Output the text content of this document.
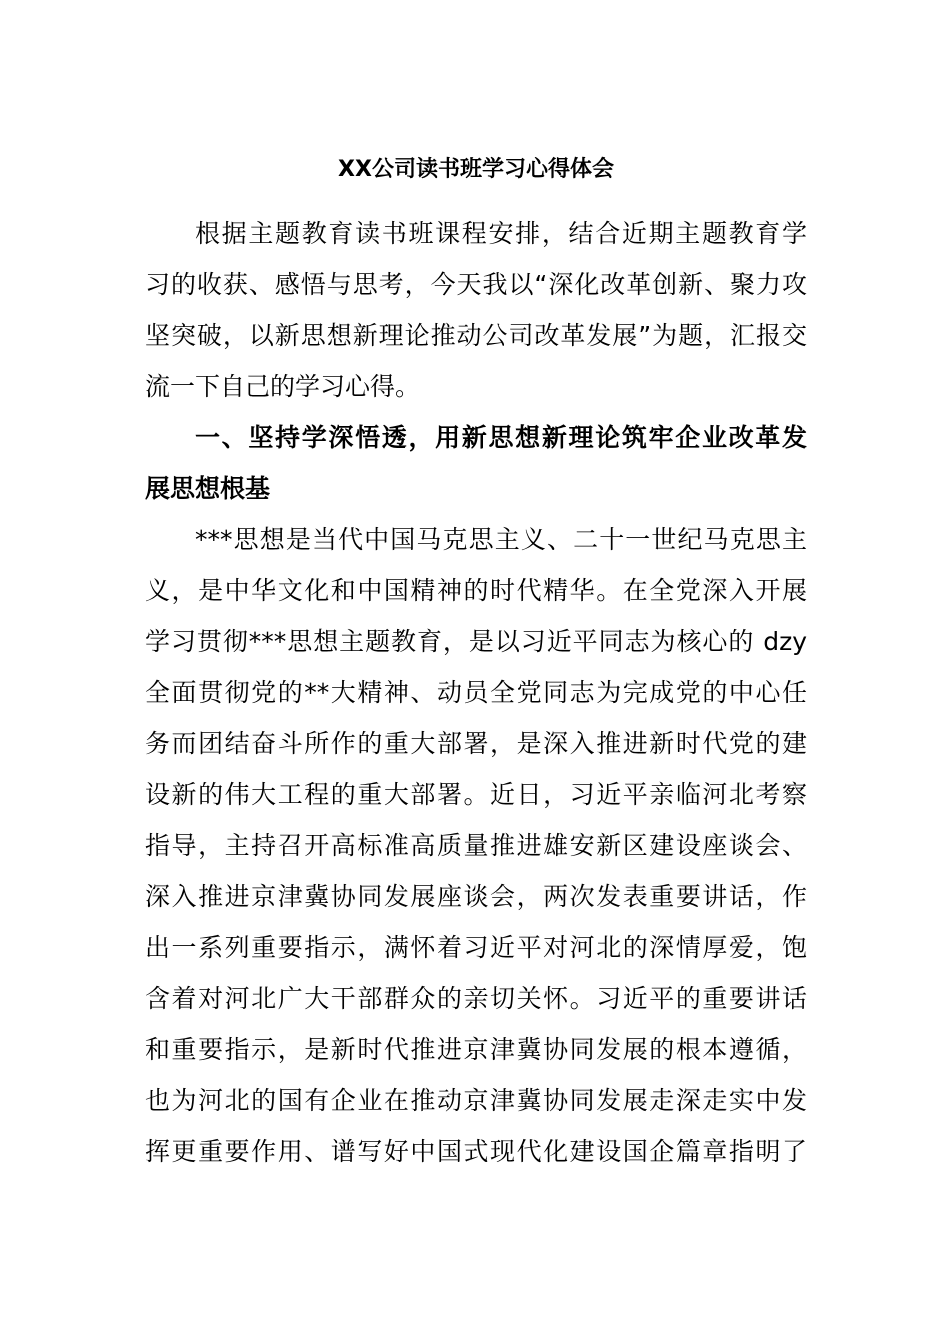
XX公司读书班学习心得体会
根据主题教育读书班课程安排，结合近期主题教育学
习的收获、感悟与思考，今天我以“深化改革创新、聚力攻
坚突破，以新思想新理论推动公司改革发展”为题，汇报交
流一下自己的学习心得。
一、坚持学深悟透，用新思想新理论筑牢企业改革发
展思想根基
***思想是当代中国马克思主义、二十一世纪马克思主
义，是中华文化和中国精神的时代精华。在全党深入开展
学习贯彻***思想主题教育，是以习近平同志为核心的 dzy
全面贯彻党的**大精神、动员全党同志为完成党的中心任
务而团结奋斗所作的重大部署，是深入推进新时代党的建
设新的伟大工程的重大部署。近日，习近平亲临河北考察
指导，主持召开高标准高质量推进雄安新区建设座谈会、
深入推进京津冀协同发展座谈会，两次发表重要讲话，作
出一系列重要指示，满怀着习近平对河北的深情厚爱，饱
含着对河北广大干部群众的亲切关怀。习近平的重要讲话
和重要指示，是新时代推进京津冀协同发展的根本遵循，
也为河北的国有企业在推动京津冀协同发展走深走实中发
挥更重要作用、谱写好中国式现代化建设国企篇章指明了
